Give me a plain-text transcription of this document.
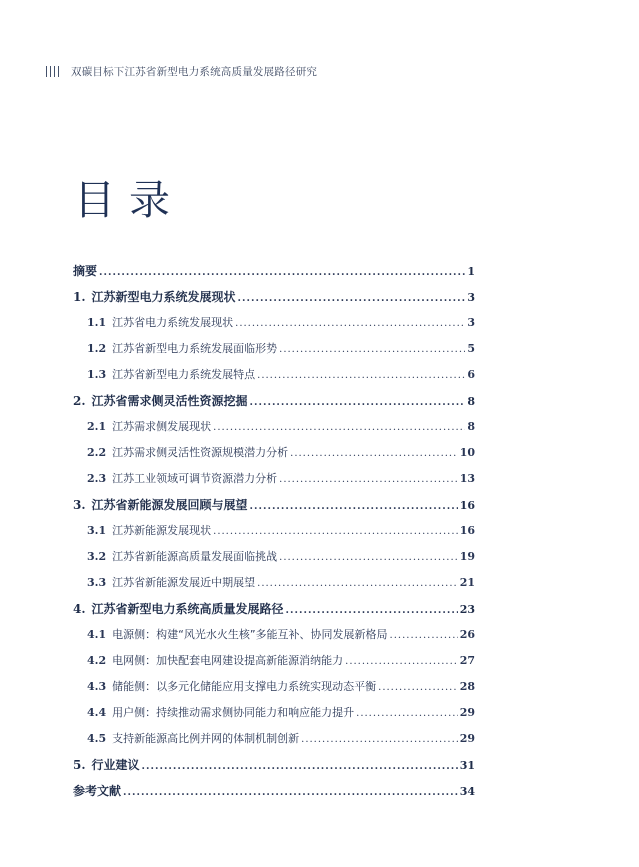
双碳目标下江苏省新型电力系统高质量发展路径研究
目录
摘要 .....	1
1. 江苏新型电力系统发展现状 .....	3
1.1 江苏省电力系统发展现状 .....	3
1.2 江苏省新型电力系统发展面临形势 .....	5
1.3 江苏省新型电力系统发展特点 .....	6
2. 江苏省需求侧灵活性资源挖掘 .....	8
2.1 江苏需求侧发展现状 .....	8
2.2 江苏需求侧灵活性资源规模潜力分析 .....	10
2.3 江苏工业领域可调节资源潜力分析 .....	13
3. 江苏省新能源发展回顾与展望 .....	16
3.1 江苏新能源发展现状 .....	16
3.2 江苏省新能源高质量发展面临挑战 .....	19
3.3 江苏省新能源发展近中期展望 .....	21
4. 江苏省新型电力系统高质量发展路径 .....	23
4.1 电源侧：构建“风光水火生核”多能互补、协同发展新格局 .....	26
4.2 电网侧：加快配套电网建设提高新能源消纳能力 .....	27
4.3 储能侧：以多元化储能应用支撑电力系统实现动态平衡 .....	28
4.4 用户侧：持续推动需求侧协同能力和响应能力提升 .....	29
4.5 支持新能源高比例并网的体制机制创新 .....	29
5. 行业建议 .....	31
参考文献 .....	34
